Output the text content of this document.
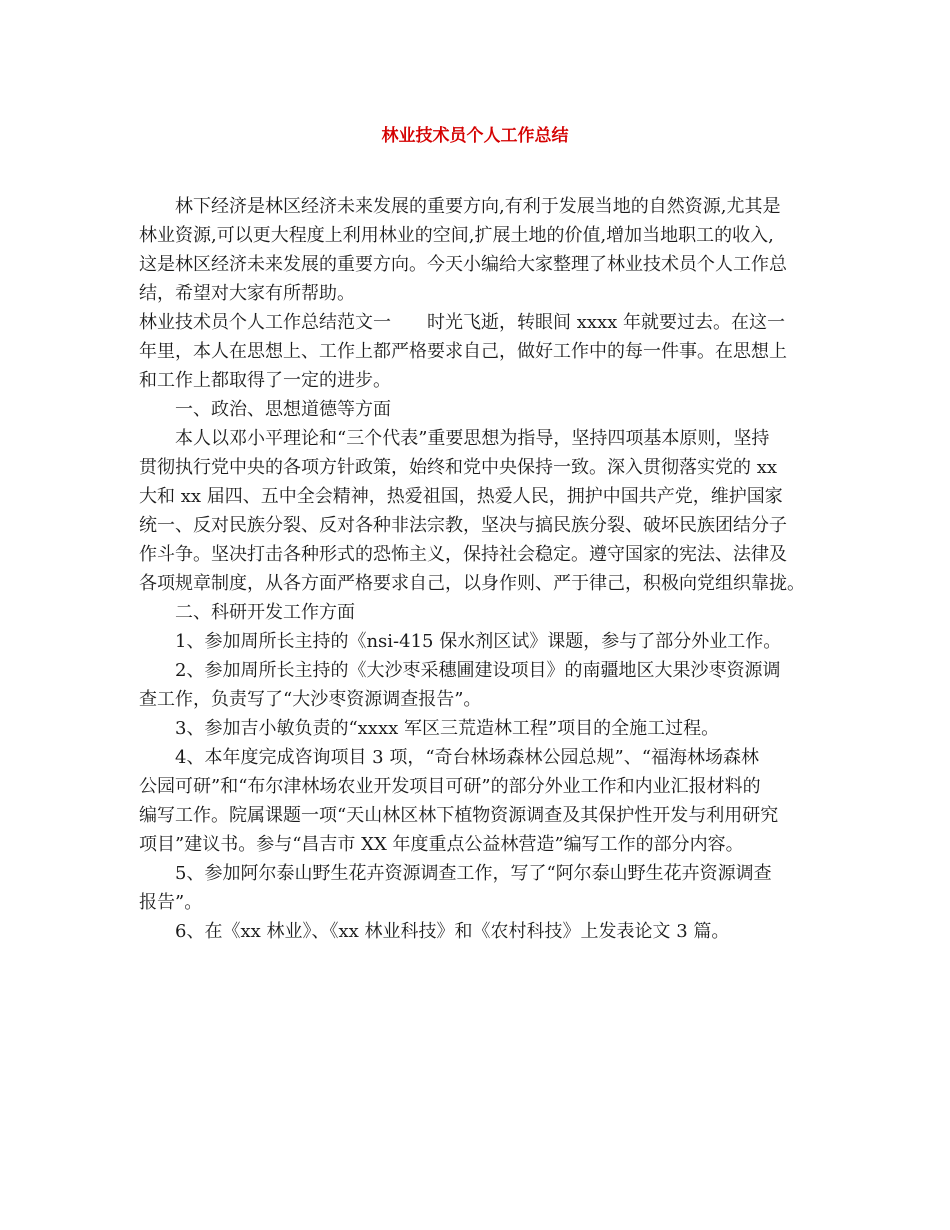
林业技术员个人工作总结
林下经济是林区经济未来发展的重要方向,有利于发展当地的自然资源,尤其是
林业资源,可以更大程度上利用林业的空间,扩展土地的价值,增加当地职工的收入,
这是林区经济未来发展的重要方向。今天小编给大家整理了林业技术员个人工作总
结，希望对大家有所帮助。
林业技术员个人工作总结范文一 时光飞逝，转眼间 xxxx 年就要过去。在这一
年里，本人在思想上、工作上都严格要求自己，做好工作中的每一件事。在思想上
和工作上都取得了一定的进步。
一、政治、思想道德等方面
本人以邓小平理论和“三个代表”重要思想为指导，坚持四项基本原则，坚持
贯彻执行党中央的各项方针政策，始终和党中央保持一致。深入贯彻落实党的 xx
大和 xx 届四、五中全会精神，热爱祖国，热爱人民，拥护中国共产党，维护国家
统一、反对民族分裂、反对各种非法宗教，坚决与搞民族分裂、破坏民族团结分子
作斗争。坚决打击各种形式的恐怖主义，保持社会稳定。遵守国家的宪法、法律及
各项规章制度，从各方面严格要求自己，以身作则、严于律己，积极向党组织靠拢。
二、科研开发工作方面
1、参加周所长主持的《nsi-415 保水剂区试》课题，参与了部分外业工作。
2、参加周所长主持的《大沙枣采穗圃建设项目》的南疆地区大果沙枣资源调
查工作，负责写了“大沙枣资源调查报告”。
3、参加吉小敏负责的“xxxx 军区三荒造林工程”项目的全施工过程。
4、本年度完成咨询项目 3 项，“奇台林场森林公园总规”、“福海林场森林
公园可研”和“布尔津林场农业开发项目可研”的部分外业工作和内业汇报材料的
编写工作。院属课题一项“天山林区林下植物资源调查及其保护性开发与利用研究
项目”建议书。参与“昌吉市 XX 年度重点公益林营造”编写工作的部分内容。
5、参加阿尔泰山野生花卉资源调查工作，写了“阿尔泰山野生花卉资源调查
报告”。
6、在《xx 林业》、《xx 林业科技》和《农村科技》上发表论文 3 篇。
